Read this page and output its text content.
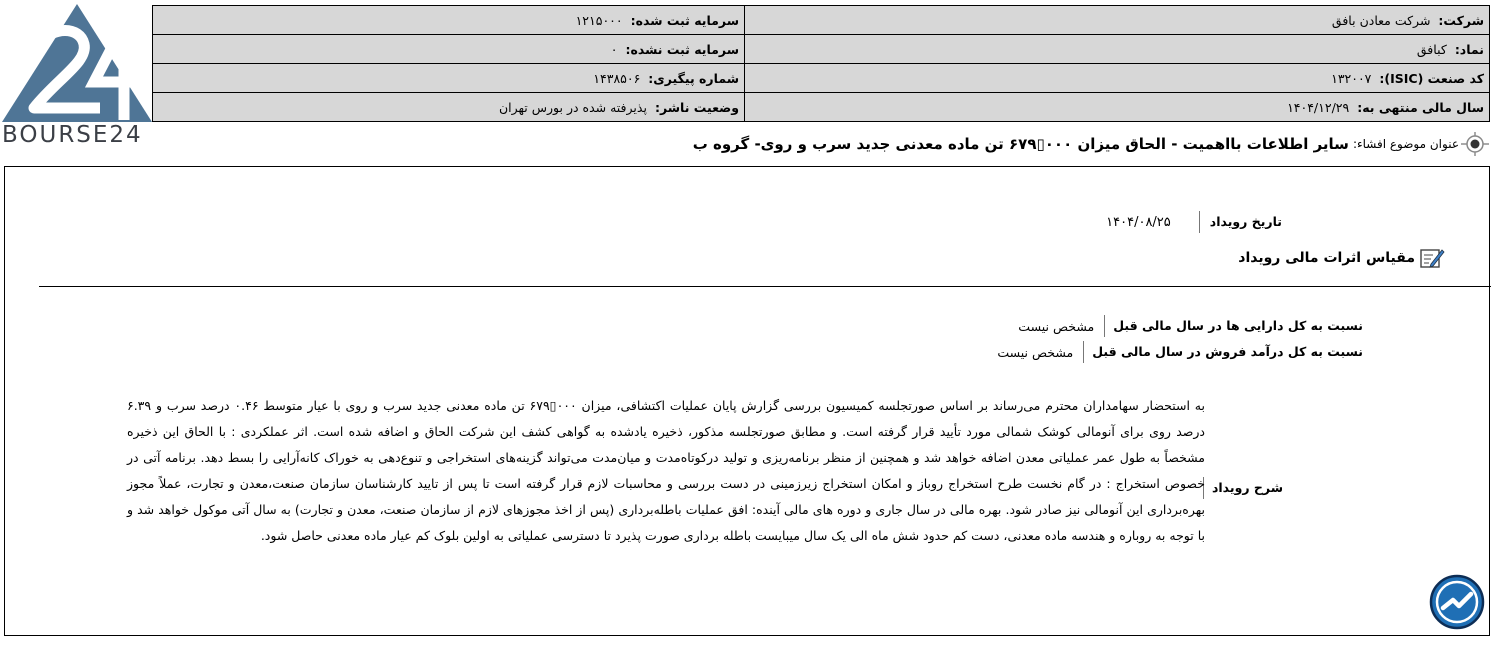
BOURSE24
شرکت:شرکت معادن بافق	سرمایه ثبت شده:۱۲۱۵۰۰۰
نماد:کبافق	سرمایه ثبت نشده:۰
کد صنعت (ISIC):۱۳۲۰۰۷	شماره پیگیری:۱۴۳۸۵۰۶
سال مالی منتهی به:۱۴۰۴/۱۲/۲۹	وضعیت ناشر:پذیرفته شده در بورس تهران
عنوان موضوع افشاء:
سایر اطلاعات بااهمیت - الحاق میزان ۰۰۰▯۶۷۹ تن ماده معدنی جدید سرب و روی- گروه ب
تاریخ رویداد
۱۴۰۴/۰۸/۲۵
مقیاس اثرات مالی رویداد
نسبت به کل دارایی ها در سال مالی قبل
مشخص نیست
نسبت به کل درآمد فروش در سال مالی قبل
مشخص نیست
شرح رویداد
به استحضار سهامداران محترم می‌رساند بر اساس صورتجلسه کمیسیون بررسی گزارش پایان عملیات اکتشافی، میزان ۰۰۰▯۶۷۹ تن ماده معدنی جدید سرب و روی با عیار متوسط ۰.۴۶ درصد سرب و ۶.۳۹ درصد روی برای آنومالی کوشک شمالی مورد تأیید قرار گرفته است. و مطابق صورتجلسه مذکور، ذخیره یادشده به گواهی کشف این شرکت الحاق و اضافه شده است. اثر عملکردی : با الحاق این ذخیره مشخصاً به طول عمر عملیاتی معدن اضافه خواهد شد و همچنین از منظر برنامه‌ریزی و تولید درکوتاه‌مدت و میان‌مدت می‌تواند گزینه‌های استخراجی و تنوع‌دهی به خوراک کانه‌آرایی را بسط دهد. برنامه آتی در خصوص استخراج : در گام نخست طرح استخراج روباز و امکان استخراج زیرزمینی در دست بررسی و محاسبات لازم قرار گرفته است تا پس از تایید کارشناسان سازمان صنعت،معدن و تجارت، عملاً مجوز بهره‌برداری این آنومالی نیز صادر شود. بهره مالی در سال جاری و دوره های مالی آینده: افق عملیات باطله‌برداری (پس از اخذ مجوزهای لازم از سازمان صنعت، معدن و تجارت) به سال آتی موکول خواهد شد و با توجه به روباره و هندسه ماده معدنی، دست کم حدود شش ماه الی یک سال میبایست باطله برداری صورت پذیرد تا دسترسی عملیاتی به اولین بلوک کم عیار ماده معدنی حاصل شود.
